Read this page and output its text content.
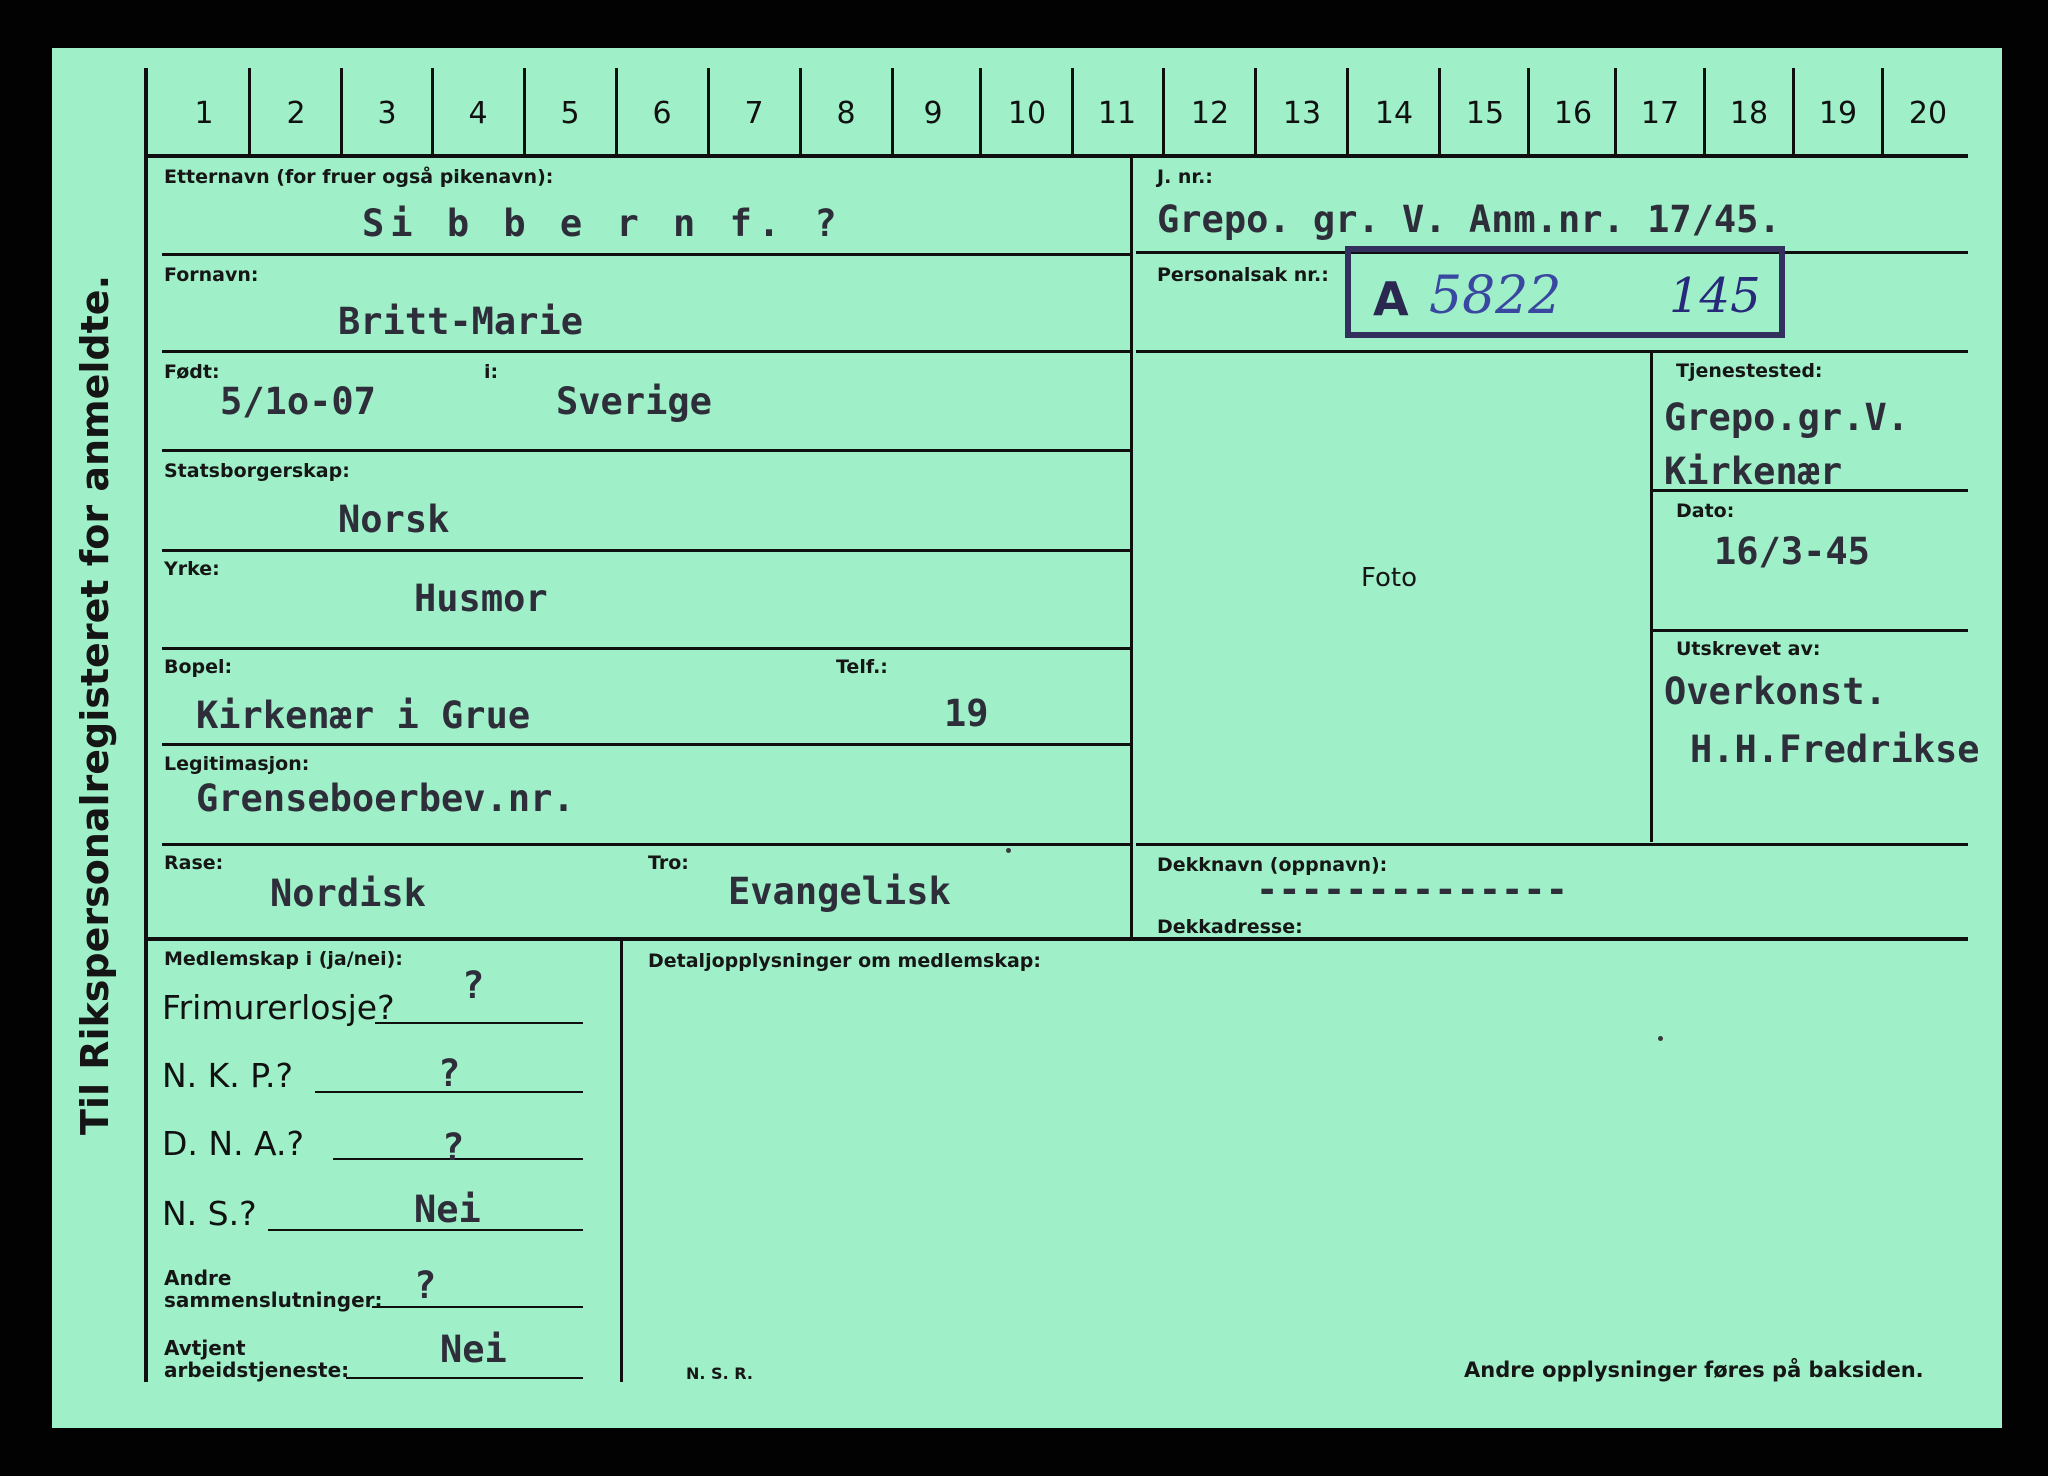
Til Rikspersonalregisteret for anmeldte.
1	2	3	4	5	6	7	8	9	10 11 12 13 14 15 16 17 18 19 20
Etternavn (for fruer også pikenavn):
Si b b e r n f. ?
Fornavn:
Britt-Marie
Født:	i:
5/1o-07	Sverige
Statsborgerskap:
Norsk
Yrke:
Husmor
Bopel:	Telf.:
Kirkenær i Grue	19
Legitimasjon:
Grenseboerbev.nr.
Rase:	Tro:
Nordisk	Evangelisk
J. nr.:
Grepo. gr. V. Anm.nr. 17/45.
Personalsak nr.: A 5822 145
Foto
Tjenestested:
Grepo.gr.V.
Kirkenær
Dato:
16/3-45
Utskrevet av:
Overkonst.
H.H.Fredrikse
Dekknavn (oppnavn):
--------------
Dekkadresse:
Medlemskap i (ja/nei):	Detaljopplysninger om medlemskap:
Frimurerlosje?
?
N. K. P.?	?
D. N. A.?	?
N. S.?	Nei
Andre
sammenslutninger: ?
Avtjent
arbeidstjeneste: Nei
N. S. R.	Andre opplysninger føres på baksiden.
